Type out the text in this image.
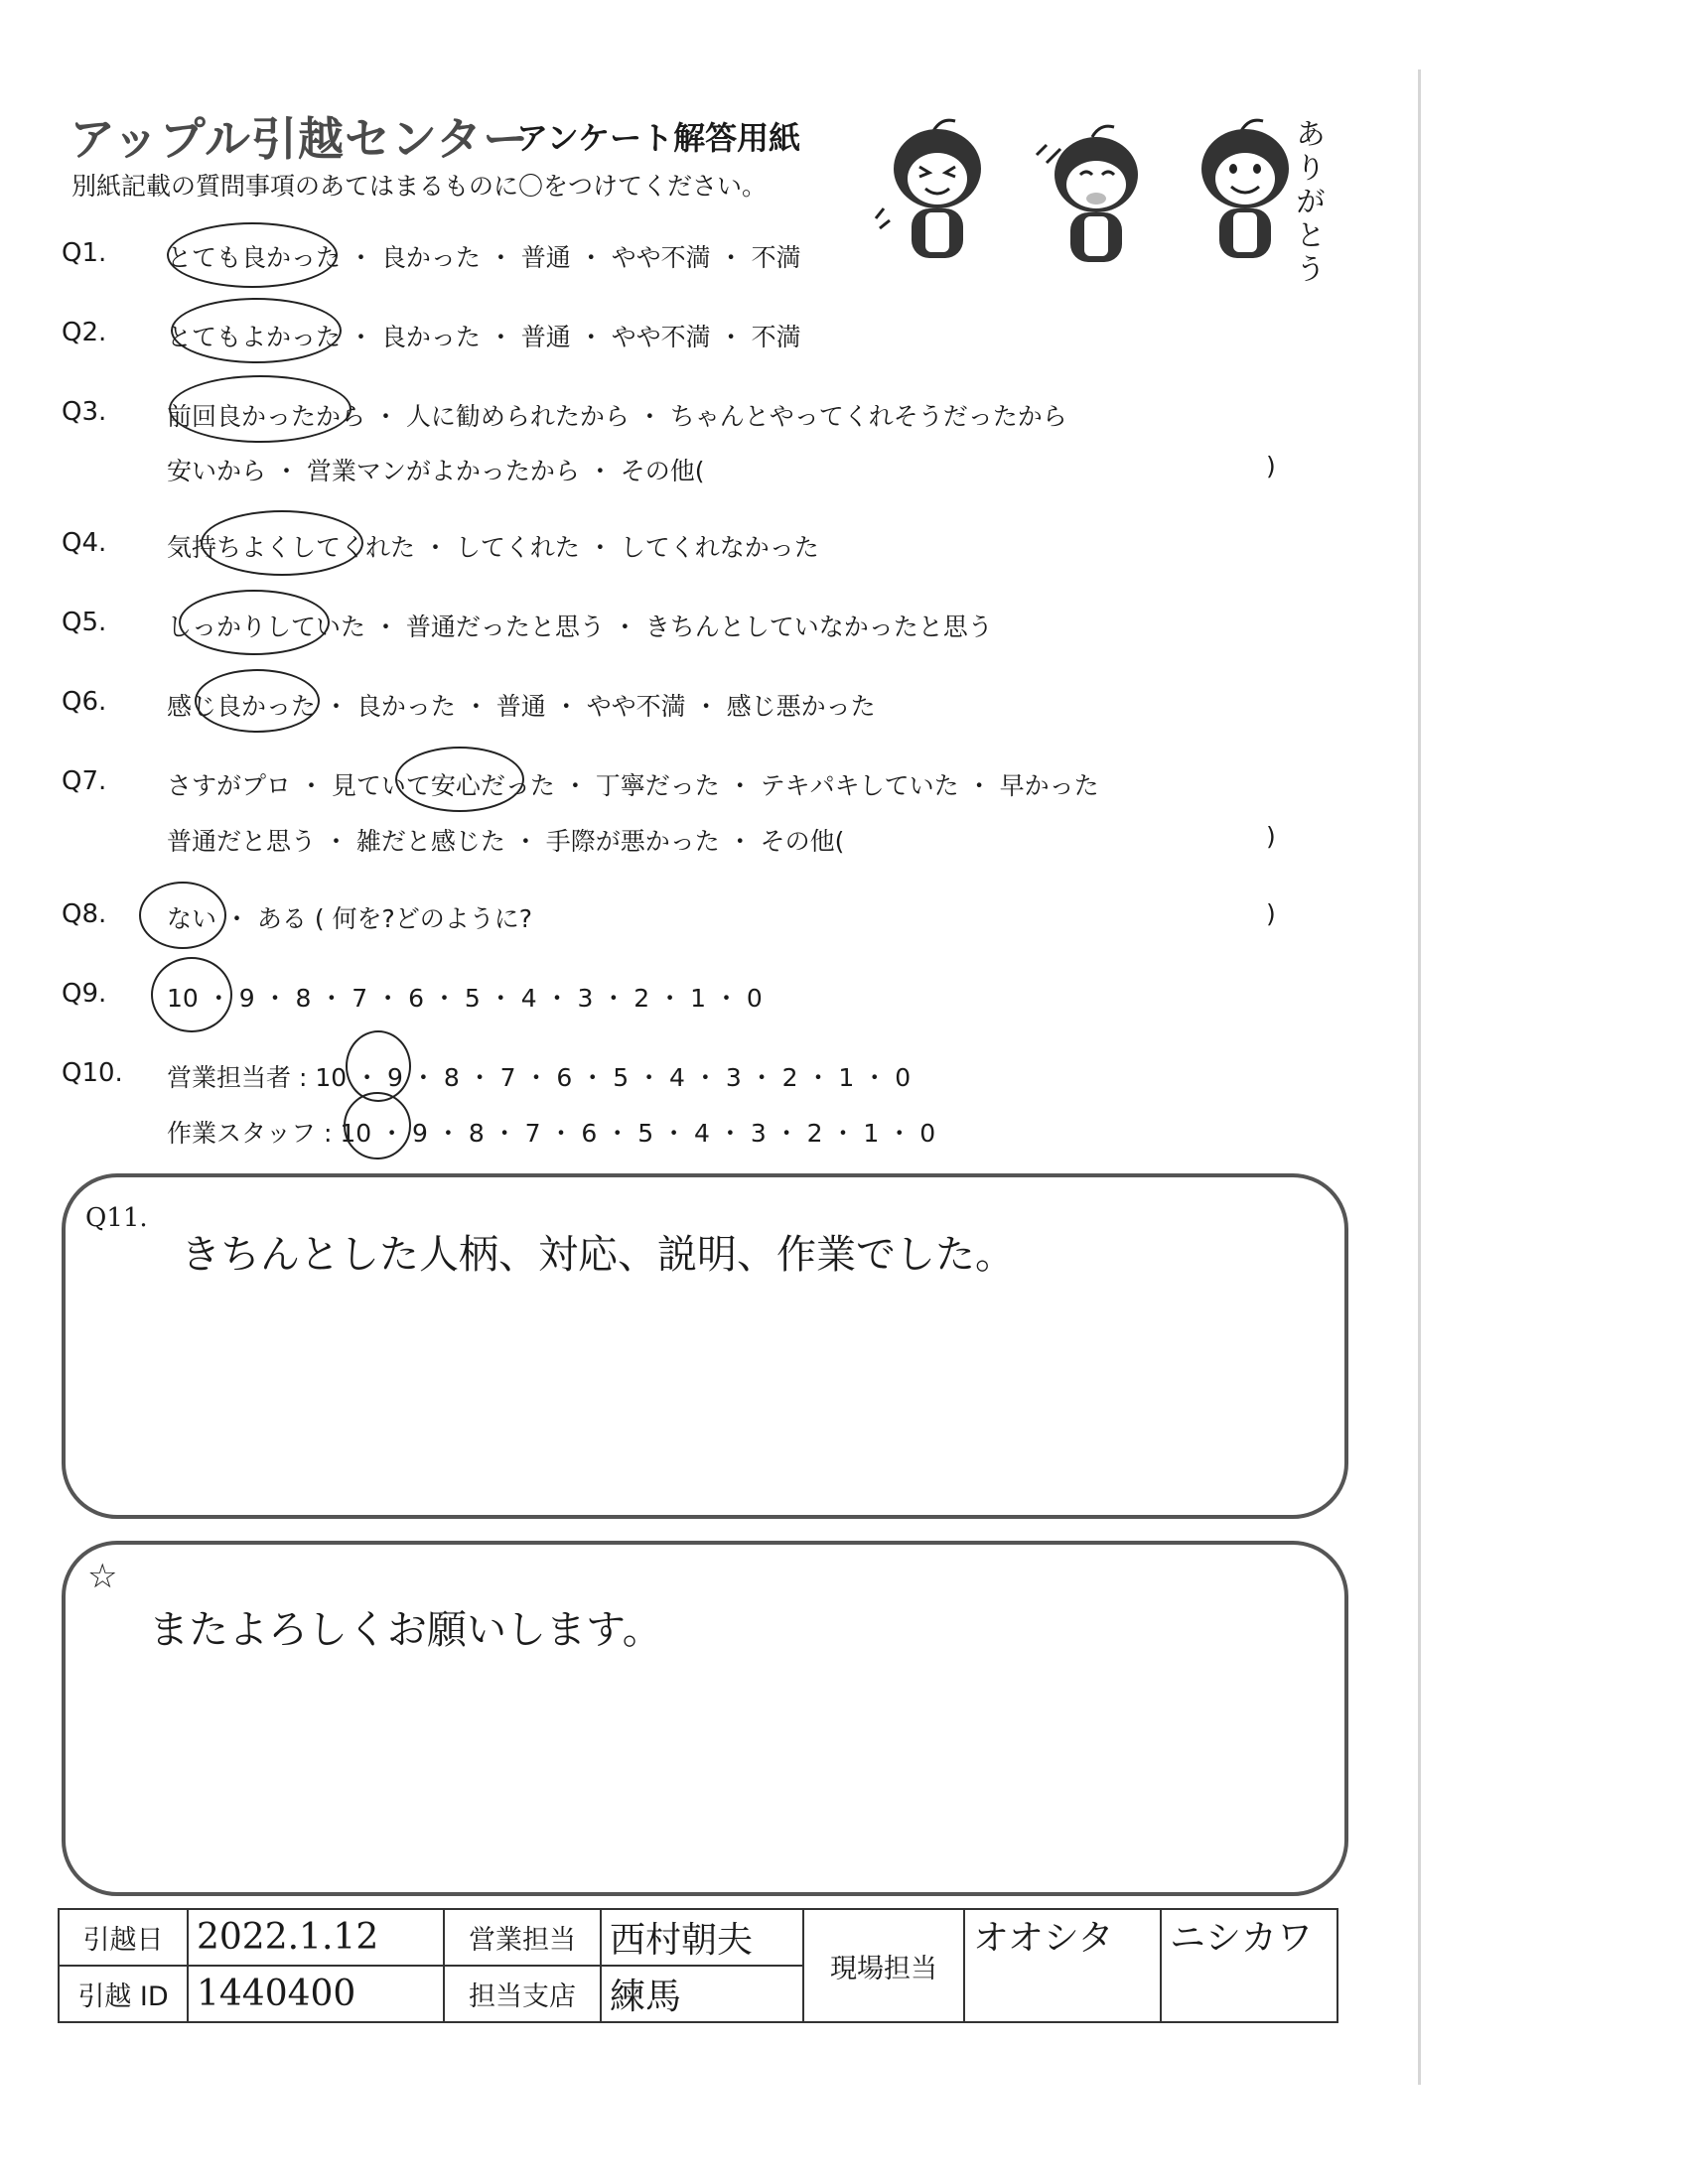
アップル引越センター
アンケート解答用紙
別紙記載の質問事項のあてはまるものに〇をつけてください。
ありがとう
Q1. とても良かった ・ 良かった ・ 普通 ・ やや不満 ・ 不満
Q2. とてもよかった ・ 良かった ・ 普通 ・ やや不満 ・ 不満
Q3. 前回良かったから ・ 人に勧められたから ・ ちゃんとやってくれそうだったから
安いから ・ 営業マンがよかったから ・ その他(	)
Q4. 気持ちよくしてくれた ・ してくれた ・ してくれなかった
Q5. しっかりしていた ・ 普通だったと思う ・ きちんとしていなかったと思う
Q6. 感じ良かった ・ 良かった ・ 普通 ・ やや不満 ・ 感じ悪かった
Q7. さすがプロ ・ 見ていて安心だった ・ 丁寧だった ・ テキパキしていた ・ 早かった
普通だと思う ・ 雑だと感じた ・ 手際が悪かった ・ その他(	)
Q8. ない ・ ある ( 何を?どのように?	)
Q9. 10 ・ 9 ・ 8 ・ 7 ・ 6 ・ 5 ・ 4 ・ 3 ・ 2 ・ 1 ・ 0
Q10. 営業担当者 : 10 ・ 9 ・ 8 ・ 7 ・ 6 ・ 5 ・ 4 ・ 3 ・ 2 ・ 1 ・ 0
作業スタッフ : 10 ・ 9 ・ 8 ・ 7 ・ 6 ・ 5 ・ 4 ・ 3 ・ 2 ・ 1 ・ 0
Q11.
きちんとした人柄、対応、説明、作業でした。
☆
またよろしくお願いします。
引越日	2022.1.12	営業担当	西村朝夫	現場担当	オオシタ	ニシカワ
引越 ID	1440400	担当支店	練馬			
